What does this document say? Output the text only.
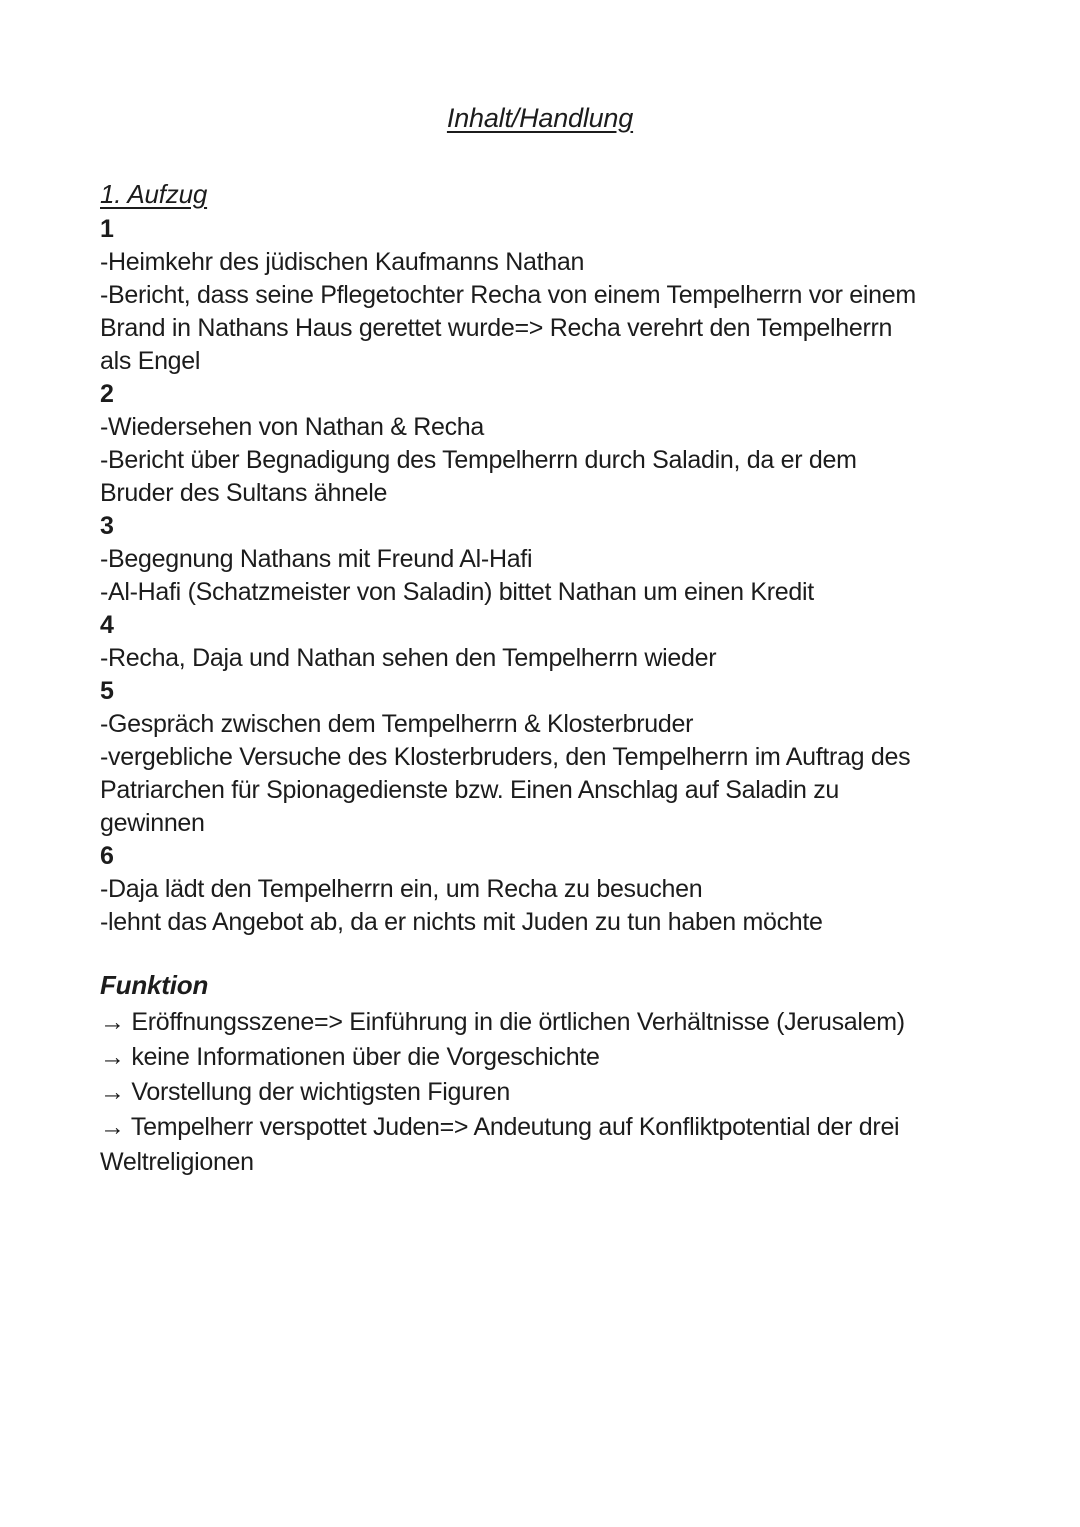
Inhalt/Handlung
1. Aufzug
1
-Heimkehr des jüdischen Kaufmanns Nathan
-Bericht, dass seine Pflegetochter Recha von einem Tempelherrn vor einem
Brand in Nathans Haus gerettet wurde=> Recha verehrt den Tempelherrn
als Engel
2
-Wiedersehen von Nathan & Recha
-Bericht über Begnadigung des Tempelherrn durch Saladin, da er dem
Bruder des Sultans ähnele
3
-Begegnung Nathans mit Freund Al-Hafi
-Al-Hafi (Schatzmeister von Saladin) bittet Nathan um einen Kredit
4
-Recha, Daja und Nathan sehen den Tempelherrn wieder
5
-Gespräch zwischen dem Tempelherrn & Klosterbruder
-vergebliche Versuche des Klosterbruders, den Tempelherrn im Auftrag des
Patriarchen für Spionagedienste bzw. Einen Anschlag auf Saladin zu
gewinnen
6
-Daja lädt den Tempelherrn ein, um Recha zu besuchen
-lehnt das Angebot ab, da er nichts mit Juden zu tun haben möchte
Funktion
→ Eröffnungsszene=> Einführung in die örtlichen Verhältnisse (Jerusalem)
→ keine Informationen über die Vorgeschichte
→ Vorstellung der wichtigsten Figuren
→ Tempelherr verspottet Juden=> Andeutung auf Konfliktpotential der drei
Weltreligionen
